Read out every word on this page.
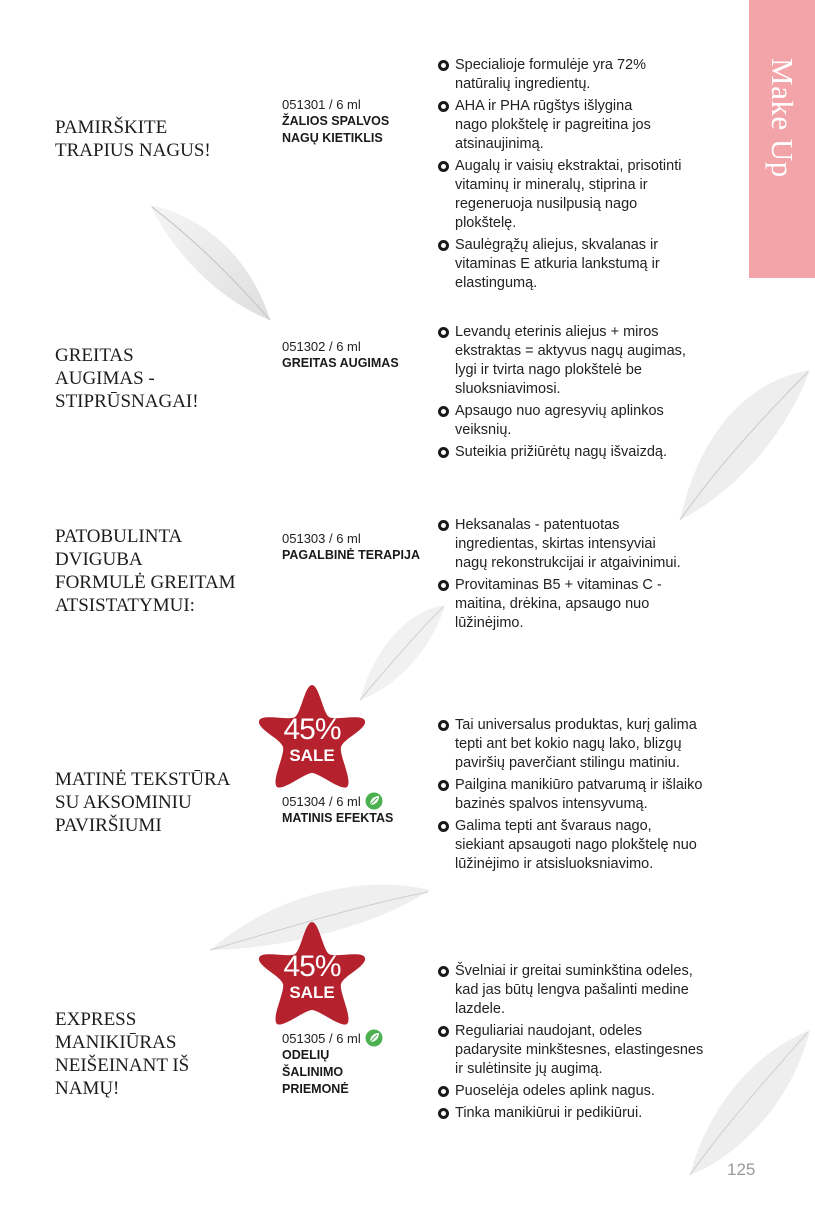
Make Up
PAMIRŠKITE
TRAPIUS NAGUS!
051301 / 6 ml
ŽALIOS SPALVOS
NAGŲ KIETIKLIS
Specialioje formulėje yra 72%
natūralių ingredientų.
AHA ir PHA rūgštys išlygina
nago plokštelę ir pagreitina jos
atsinaujinimą.
Augalų ir vaisių ekstraktai, prisotinti
vitaminų ir mineralų, stiprina ir
regeneruoja nusilpusią nago
plokštelę.
Saulėgrąžų aliejus, skvalanas ir
vitaminas E atkuria lankstumą ir
elastingumą.
GREITAS
AUGIMAS -
STIPRŪSNAGAI!
051302 / 6 ml
GREITAS AUGIMAS
Levandų eterinis aliejus + miros
ekstraktas = aktyvus nagų augimas,
lygi ir tvirta nago plokštelė be
sluoksniavimosi.
Apsaugo nuo agresyvių aplinkos
veiksnių.
Suteikia prižiūrėtų nagų išvaizdą.
PATOBULINTA
DVIGUBA
FORMULĖ GREITAM
ATSISTATYMUI:
051303 / 6 ml
PAGALBINĖ TERAPIJA
Heksanalas - patentuotas
ingredientas, skirtas intensyviai
nagų rekonstrukcijai ir atgaivinimui.
Provitaminas B5 + vitaminas C -
maitina, drėkina, apsaugo nuo
lūžinėjimo.
45%
SALE
MATINĖ TEKSTŪRA
SU AKSOMINIU
PAVIRŠIUMI
051304 / 6 ml
MATINIS EFEKTAS
Tai universalus produktas, kurį galima
tepti ant bet kokio nagų lako, blizgų
paviršių paverčiant stilingu matiniu.
Pailgina manikiūro patvarumą ir išlaiko
bazinės spalvos intensyvumą.
Galima tepti ant švaraus nago,
siekiant apsaugoti nago plokštelę nuo
lūžinėjimo ir atsisluoksniavimo.
45%
SALE
EXPRESS
MANIKIŪRAS
NEIŠEINANT IŠ
NAMŲ!
051305 / 6 ml
ODELIŲ
ŠALINIMO
PRIEMONĖ
Švelniai ir greitai suminkština odeles,
kad jas būtų lengva pašalinti medine
lazdele.
Reguliariai naudojant, odeles
padarysite minkštesnes, elastingesnes
ir sulėtinsite jų augimą.
Puoselėja odeles aplink nagus.
Tinka manikiūrui ir pedikiūrui.
125
